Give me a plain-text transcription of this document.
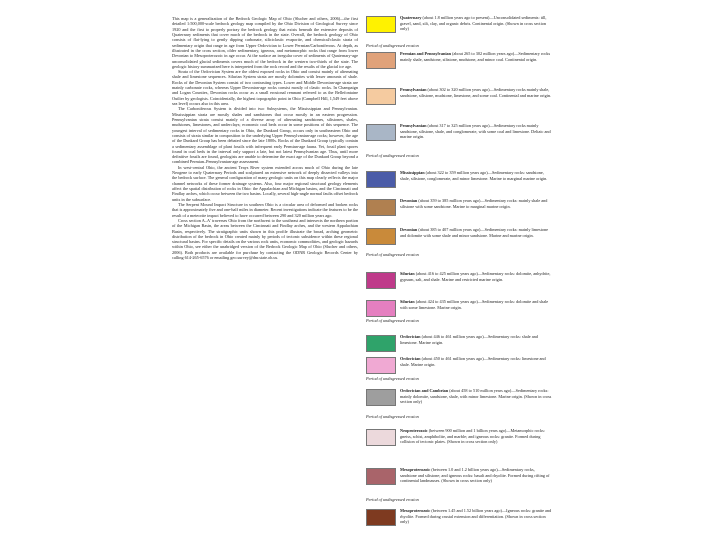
This map is a generalization of the Bedrock Geologic Map of Ohio (Slucher and others, 2006)—the first detailed 1:500,000-scale bedrock geology map compiled by the Ohio Division of Geological Survey since 1920 and the first to properly portray the bedrock geology that exists beneath the extensive deposits of Quaternary sediments that cover much of the bedrock in the state. Overall, the bedrock geology of Ohio consists of flat-lying to gently dipping carbonate, siliciclastic evaporite, and chemical/clastic strata of sedimentary origin that range in age from Upper Ordovician to Lower Permian/Carboniferous. At depth, as illustrated in the cross section, older sedimentary, igneous, and metamorphic rocks that range from lower Devonian to Mesoproterozoic in age occur. At the surface an irregular cover of sediments of Quaternary-age unconsolidated glacial sediments covers much of the bedrock in the western two-thirds of the state. The geologic history summarized here is interpreted from the rock record and the results of the glacial ice age.

Strata of the Ordovician System are the oldest exposed rocks in Ohio and consist mainly of alternating shale and limestone sequences. Silurian System strata are mostly dolomites with lesser amounts of shale. Rocks of the Devonian System consist of two contrasting types. Lower and Middle Devonian-age strata are mainly carbonate rocks, whereas Upper Devonian-age rocks consist mostly of clastic rocks. In Champaign and Logan Counties, Devonian rocks occur as a small erosional remnant referred to as the Bellefontaine Outlier by geologists. Coincidentally, the highest topographic point in Ohio (Campbell Hill, 1,549 feet above sea level) occurs also in this area.

The Carboniferous System is divided into two Subsystems, the Mississippian and Pennsylvanian. Mississippian strata are mostly shales and sandstones that occur mostly in an eastern progression. Pennsylvanian strata consist mainly of a diverse array of alternating sandstones, siltstones, shales, mudstones, limestones, and underclays; economic coal beds occur in some positions of this sequence. The youngest interval of sedimentary rocks in Ohio, the Dunkard Group, occurs only in southeastern Ohio and consists of strata similar in composition to the underlying Upper Pennsylvanian-age rocks; however, the age of the Dunkard Group has been debated since the late 1800s. Rocks of the Dunkard Group typically contain a sedimentary assemblage of plant fossils with infrequent early Permian-age fauna. Yet, fossil plant spores found in coal beds in the interval only support a late, but not latest Pennsylvanian age. Thus, until more definitive fossils are found, geologists are unable to determine the exact age of the Dunkard Group beyond a combined Permian–Pennsylvanian-age assessment.

In west-central Ohio, the ancient Teays River system extended across much of Ohio during the late Neogene to early Quaternary Periods and sculptured an extensive network of deeply dissected valleys into the bedrock surface. The general configuration of many geologic units on this map clearly reflects the major channel networks of these former drainage systems. Also, four major regional structural geology elements affect the spatial distribution of rocks in Ohio: the Appalachian and Michigan basins, and the Cincinnati and Findlay arches, which occur between the two basins. Locally, several high-angle normal faults offset bedrock units in the subsurface.

The Serpent Mound Impact Structure in southern Ohio is a circular area of deformed and broken rocks that is approximately five and one-half miles in diameter. Recent investigations indicate the features to be the result of a meteorite impact believed to have occurred between 290 and 320 million years ago.

Cross section A–A′ traverses Ohio from the northwest to the southeast and intersects the northern portion of the Michigan Basin, the areas between the Cincinnati and Findlay arches, and the western Appalachian Basin, respectively. The stratigraphic units shown in this profile illustrate the broad, arching geometric distribution of the bedrock in Ohio created mainly by periods of tectonic subsidence within these regional structural basins. For specific details on the various rock units, economic commodities, and geologic hazards within Ohio, see either the unabridged version of the Bedrock Geologic Map of Ohio (Slucher and others, 2006). Both products are available for purchase by contacting the ODNR Geologic Records Center by calling 614-265-6576 or emailing geo.survey@dnr.state.oh.us.

Quaternary (about 1.8 million years ago to present)—Unconsolidated sediments: till, gravel, sand, silt, clay, and organic debris. Continental origin. (Shown in cross section only)
Period of undisgressed erosion
Permian and Pennsylvanian (about 265 to 302 million years ago)—Sedimentary rocks mainly shale, sandstone, siltstone, mudstone, and minor coal. Continental origin.
Pennsylvanian (about 302 to 320 million years ago)—Sedimentary rocks mainly shale, sandstone, siltstone, mudstone, limestone, and some coal. Continental and marine origin.
Pennsylvanian (about 317 to 325 million years ago)—Sedimentary rocks mainly sandstone, siltstone, shale, and conglomerate, with some coal and limestone. Deltaic and marine origin.
Period of undisgressed erosion
Mississippian (about 322 to 359 million years ago)—Sedimentary rocks: sandstone, shale, siltstone, conglomerate, and minor limestone. Marine to marginal marine origin.
Devonian (about 359 to 385 million years ago)—Sedimentary rocks: mainly shale and siltstone with some sandstone. Marine to marginal marine origin.
Devonian (about 385 to 407 million years ago)—Sedimentary rocks: mainly limestone and dolomite with some shale and minor sandstone. Marine and marine origin.
Period of undisgressed erosion
Silurian (about 416 to 425 million years ago)—Sedimentary rocks: dolomite, anhydrite, gypsum, salt, and shale. Marine and restricted marine origin.
Silurian (about 424 to 435 million years ago)—Sedimentary rocks: dolomite and shale with some limestone. Marine origin.
Period of undisgressed erosion
Ordovician (about 446 to 461 million years ago)—Sedimentary rocks: shale and limestone. Marine origin.
Ordovician (about 450 to 461 million years ago)—Sedimentary rocks: limestone and shale. Marine origin.
Period of undisgressed erosion
Ordovician and Cambrian (about 458 to 510 million years ago)—Sedimentary rocks: mainly dolomite, sandstone, shale, with minor limestone. Marine origin. (Shown in cross section only)
Period of undisgressed erosion
Neoproterozoic (between 900 million and 1 billion years ago)—Metamorphic rocks: gneiss, schist, amphibolite, and marble; and igneous rocks: granite. Formed during collision of tectonic plates. (Shown in cross section only)
Mesoproterozoic (between 1.0 and 1.2 billion years ago)—Sedimentary rocks, sandstone and siltstone; and igneous rocks: basalt and rhyolite. Formed during rifting of continental landmasses. (Shown in cross section only)
Period of undisgressed erosion
Mesoproterozoic (between 1.45 and 1.52 billion years ago)—Igneous rocks: granite and rhyolite. Formed during crustal extension and differentiation. (Shown in cross section only)
